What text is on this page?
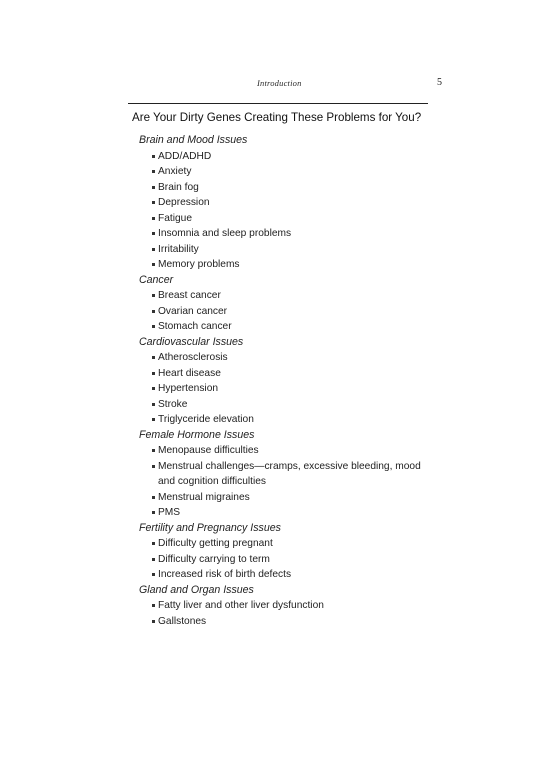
Introduction	5
Are Your Dirty Genes Creating These Problems for You?
Brain and Mood Issues
ADD/ADHD
Anxiety
Brain fog
Depression
Fatigue
Insomnia and sleep problems
Irritability
Memory problems
Cancer
Breast cancer
Ovarian cancer
Stomach cancer
Cardiovascular Issues
Atherosclerosis
Heart disease
Hypertension
Stroke
Triglyceride elevation
Female Hormone Issues
Menopause difficulties
Menstrual challenges—cramps, excessive bleeding, mood and cognition difficulties
Menstrual migraines
PMS
Fertility and Pregnancy Issues
Difficulty getting pregnant
Difficulty carrying to term
Increased risk of birth defects
Gland and Organ Issues
Fatty liver and other liver dysfunction
Gallstones
